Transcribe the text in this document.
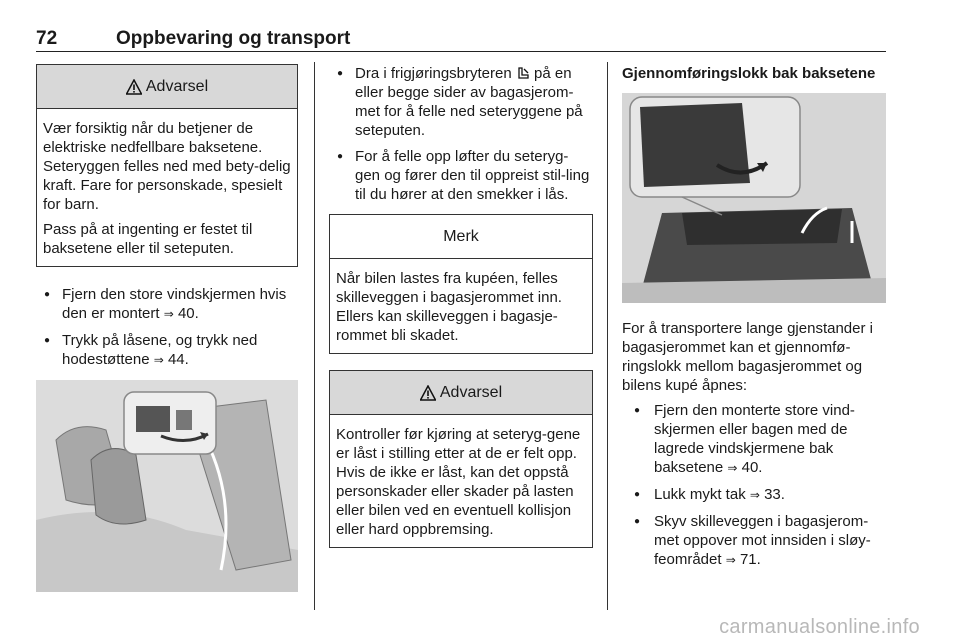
72	Oppbevaring og transport
Advarsel

Vær forsiktig når du betjener de elektriske nedfellbare baksetene. Seteryggen felles ned med bety-delig kraft. Fare for personskade, spesielt for barn.

Pass på at ingenting er festet til baksetene eller til seteputen.

● Fjern den store vindskjermen hvis den er montert ⇒ 40.
● Trykk på låsene, og trykk ned hodestøttene ⇒ 44.
● Dra i frigjøringsbryteren  på en eller begge sider av bagasjerom-met for å felle ned seteryggene på seteputen.
● For å felle opp løfter du seteryg-gen og fører den til oppreist stil-ling til du hører at den smekker i lås.
Merk

Når bilen lastes fra kupéen, felles skilleveggen i bagasjerommet inn. Ellers kan skilleveggen i bagasje-rommet bli skadet.

Advarsel

Kontroller før kjøring at seteryg-gene er låst i stilling etter at de er felt opp. Hvis de ikke er låst, kan det oppstå personskader eller skader på lasten eller bilen ved en eventuell kollisjon eller hard oppbremsing.

Gjennomføringslokk bak baksetene

For å transportere lange gjenstander i bagasjerommet kan et gjennomfø-ringslokk mellom bagasjerommet og bilens kupé åpnes:

● Fjern den monterte store vind-skjermen eller bagen med de lagrede vindskjermene bak baksetene ⇒ 40.
● Lukk mykt tak ⇒ 33.
● Skyv skilleveggen i bagasjerom-met oppover mot innsiden i sløy-feområdet ⇒ 71.
carmanualsonline.info
